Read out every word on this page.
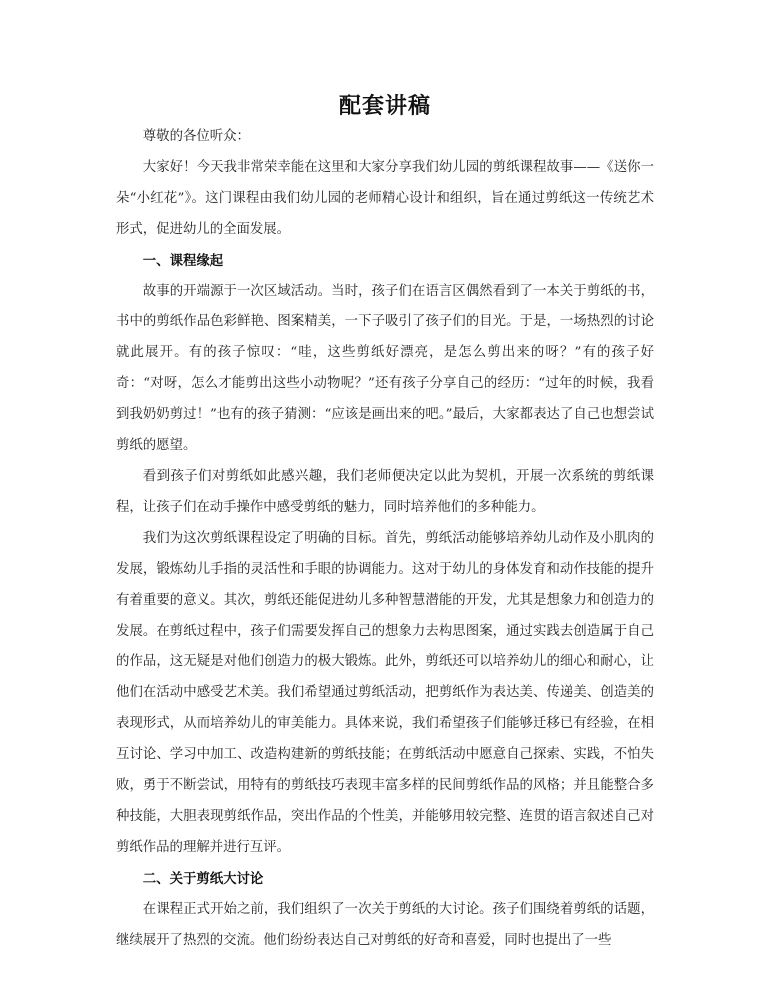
配套讲稿

尊敬的各位听众：

大家好！今天我非常荣幸能在这里和大家分享我们幼儿园的剪纸课程故事——《送你一朵“小红花”》。这门课程由我们幼儿园的老师精心设计和组织，旨在通过剪纸这一传统艺术形式，促进幼儿的全面发展。

一、课程缘起

故事的开端源于一次区域活动。当时，孩子们在语言区偶然看到了一本关于剪纸的书，书中的剪纸作品色彩鲜艳、图案精美，一下子吸引了孩子们的目光。于是，一场热烈的讨论就此展开。有的孩子惊叹：“哇，这些剪纸好漂亮，是怎么剪出来的呀？”有的孩子好奇：“对呀，怎么才能剪出这些小动物呢？”还有孩子分享自己的经历：“过年的时候，我看到我奶奶剪过！”也有的孩子猜测：“应该是画出来的吧。”最后，大家都表达了自己也想尝试剪纸的愿望。

看到孩子们对剪纸如此感兴趣，我们老师便决定以此为契机，开展一次系统的剪纸课程，让孩子们在动手操作中感受剪纸的魅力，同时培养他们的多种能力。

我们为这次剪纸课程设定了明确的目标。首先，剪纸活动能够培养幼儿动作及小肌肉的发展，锻炼幼儿手指的灵活性和手眼的协调能力。这对于幼儿的身体发育和动作技能的提升有着重要的意义。其次，剪纸还能促进幼儿多种智慧潜能的开发，尤其是想象力和创造力的发展。在剪纸过程中，孩子们需要发挥自己的想象力去构思图案，通过实践去创造属于自己的作品，这无疑是对他们创造力的极大锻炼。此外，剪纸还可以培养幼儿的细心和耐心，让他们在活动中感受艺术美。我们希望通过剪纸活动，把剪纸作为表达美、传递美、创造美的表现形式，从而培养幼儿的审美能力。具体来说，我们希望孩子们能够迁移已有经验，在相互讨论、学习中加工、改造构建新的剪纸技能；在剪纸活动中愿意自己探索、实践，不怕失败，勇于不断尝试，用特有的剪纸技巧表现丰富多样的民间剪纸作品的风格；并且能整合多种技能，大胆表现剪纸作品，突出作品的个性美，并能够用较完整、连贯的语言叙述自己对剪纸作品的理解并进行互评。

二、关于剪纸大讨论

在课程正式开始之前，我们组织了一次关于剪纸的大讨论。孩子们围绕着剪纸的话题，继续展开了热烈的交流。他们纷纷表达自己对剪纸的好奇和喜爱，同时也提出了一些
